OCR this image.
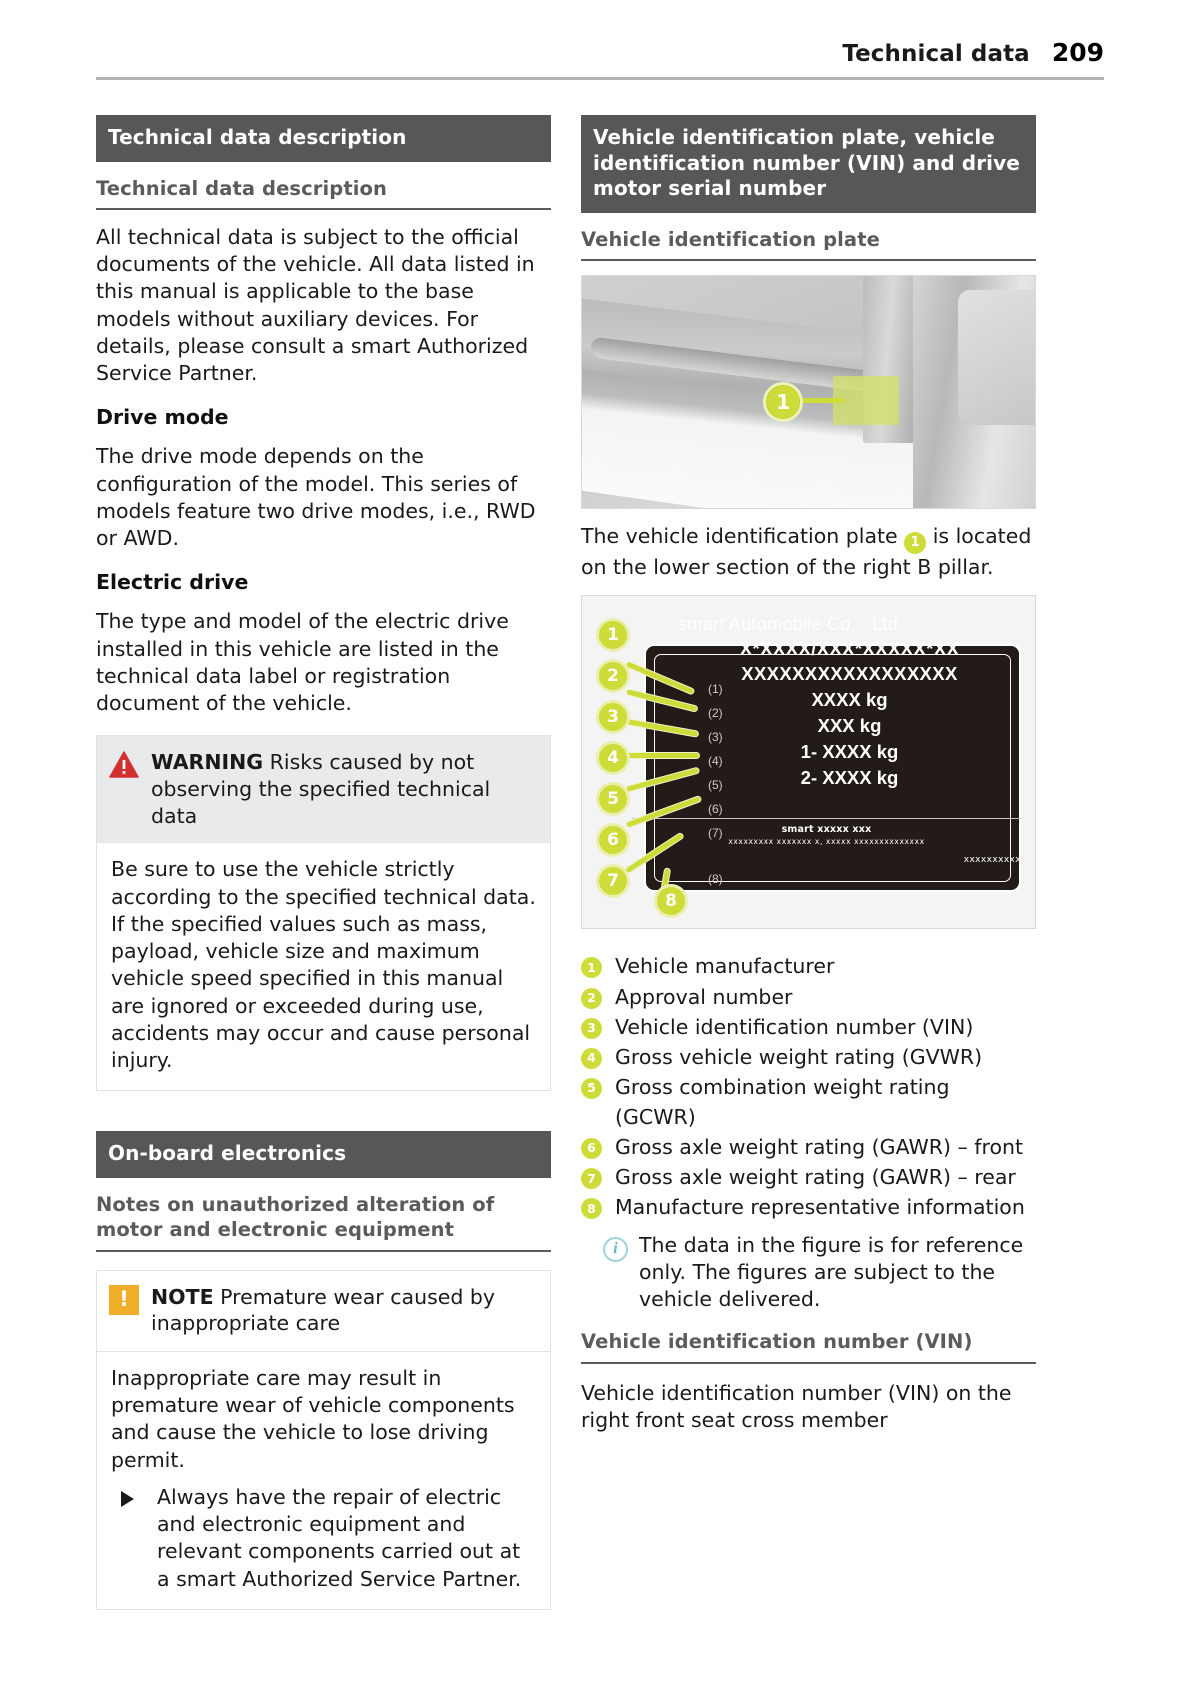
Technical data 209
Technical data description
Technical data description

All technical data is subject to the official documents of the vehicle. All data listed in this manual is applicable to the base models without auxiliary devices. For details, please consult a smart Authorized Service Partner.

Drive mode

The drive mode depends on the configuration of the model. This series of models feature two drive modes, i.e., RWD or AWD.

Electric drive

The type and model of the electric drive installed in this vehicle are listed in the technical data label or registration document of the vehicle.

WARNING Risks caused by not observing the specified technical data

Be sure to use the vehicle strictly according to the specified technical data. If the specified values such as mass, payload, vehicle size and maximum vehicle speed specified in this manual are ignored or exceeded during use, accidents may occur and cause personal injury.

On-board electronics
Notes on unauthorized alteration of motor and electronic equipment
! NOTE Premature wear caused by inappropriate care

Inappropriate care may result in premature wear of vehicle components and cause the vehicle to lose driving permit.

Always have the repair of electric and electronic equipment and relevant components carried out at a smart Authorized Service Partner.
Vehicle identification plate, vehicle identification number (VIN) and drive motor serial number
Vehicle identification plate
1

The vehicle identification plate 1 is located on the lower section of the right B pillar.

(1)
(2)
(3)
(4)
(5)
(6)
(7)
(8)
smart Automobile Co. , Ltd.
X*XXXX/XXX*XXXXX*XX
XXXXXXXXXXXXXXXXX
XXXX kg
XXX kg
1- XXXX kg
2- XXXX kg
smart xxxxx xxx
xxxxxxxxx xxxxxxx x, xxxxx xxxxxxxxxxxxxx
xxxxxxxxxx
1
2
3
4
5
6
7
8
1 Vehicle manufacturer
2 Approval number
3 Vehicle identification number (VIN)
4 Gross vehicle weight rating (GVWR)
5 Gross combination weight rating (GCWR)
6 Gross axle weight rating (GAWR) – front
7 Gross axle weight rating (GAWR) – rear
8 Manufacture representative information
i	The data in the figure is for reference only. The figures are subject to the vehicle delivered.

Vehicle identification number (VIN)

Vehicle identification number (VIN) on the right front seat cross member
